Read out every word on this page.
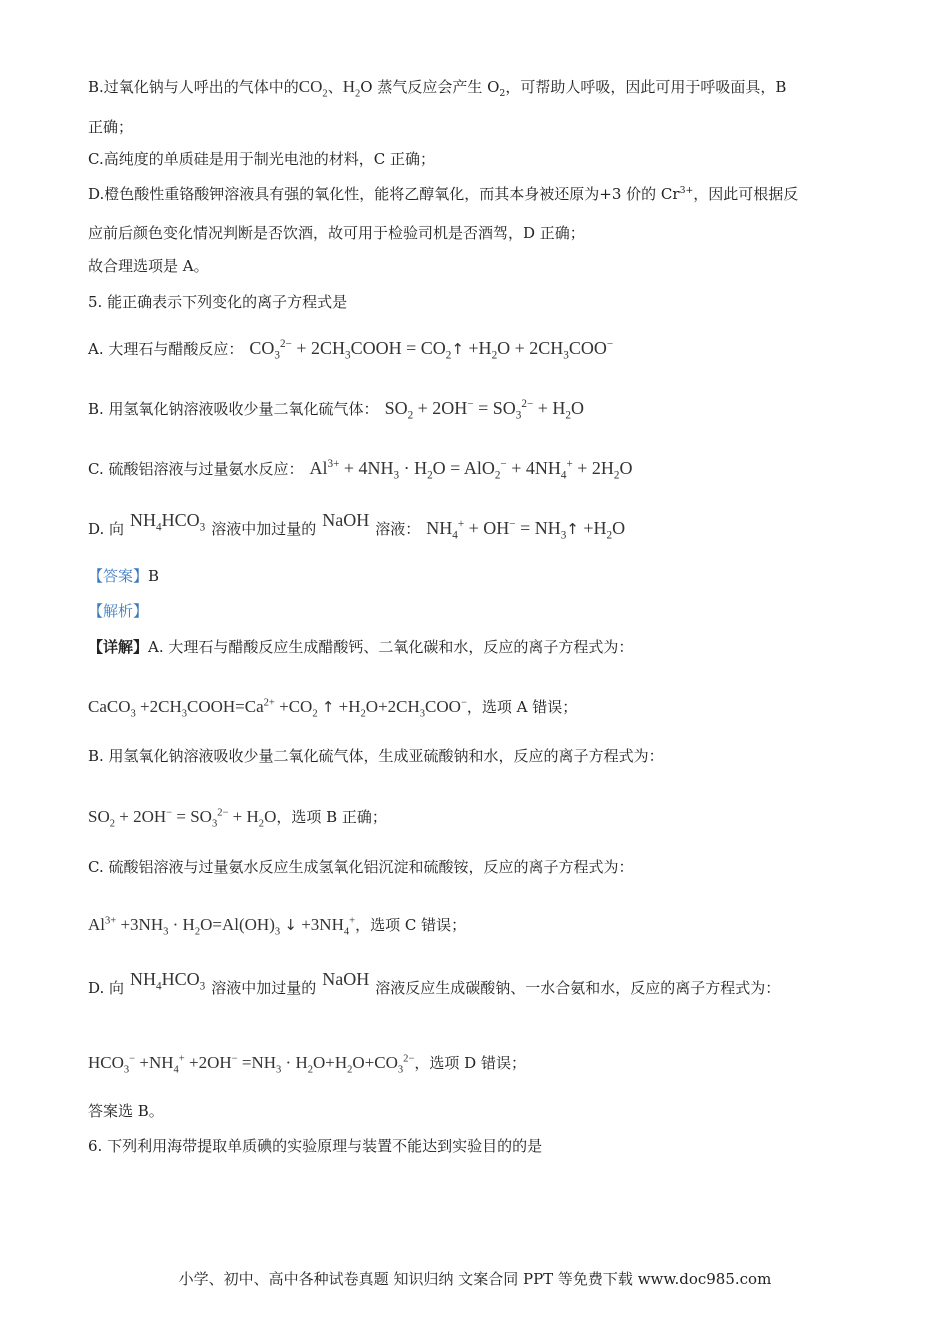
B.过氧化钠与人呼出的气体中的$CO_2$、$H_2O$ 蒸气反应会产生 $O_2$，可帮助人呼吸，因此可用于呼吸面具，B
正确；
C.高纯度的单质硅是用于制光电池的材料，C 正确；
D.橙色酸性重铬酸钾溶液具有强的氧化性，能将乙醇氧化，而其本身被还原为+3 价的 $Cr^{3+}$，因此可根据反
应前后颜色变化情况判断是否饮酒，故可用于检验司机是否酒驾，D 正确；
故合理选项是 A。
5. 能正确表示下列变化的离子方程式是
A. 大理石与醋酸反应： $CO_3^{2-}$ + $2CH_3COOH$ = $CO_2↑ +H_2O + 2CH_3COO^-$
B. 用氢氧化钠溶液吸收少量二氧化硫气体： $SO_2 + 2OH^- = SO_3^{2-} + H_2O$
C. 硫酸铝溶液与过量氨水反应： $Al^{3+} + 4NH_3 \cdot H_2O = AlO_2^- + 4NH_4^+ + 2H_2O$
D. 向 $NH_4HCO_3$ 溶液中加过量的 NaOH 溶液： $NH_4^+ + OH^-$ = $NH_3↑ +H_2O$
【答案】B
【解析】
【详解】A. 大理石与醋酸反应生成醋酸钙、二氧化碳和水，反应的离子方程式为：
CaCO$_3$ $+2CH_3COOH=Ca^{2+} +CO_2$ ↑ $+H_2O+2CH_3COO^-$，选项 A 错误；
B. 用氢氧化钠溶液吸收少量二氧化硫气体，生成亚硫酸钠和水，反应的离子方程式为：
$SO_2 + 2OH^- = SO_3^{2-} + H_2O$，选项 B 正确；
C. 硫酸铝溶液与过量氨水反应生成氢氧化铝沉淀和硫酸铵，反应的离子方程式为：
$Al^{3+} +3NH_3 \cdot H_2O=Al(OH)_3$ ↓ $+3NH_4^+$，选项 C 错误；
D. 向 $NH_4HCO_3$ 溶液中加过量的 NaOH 溶液反应生成碳酸钠、一水合氨和水，反应的离子方程式为：
$HCO_3^- +NH_4^+ +2OH^- =NH_3 \cdot H_2O+H_2O+CO_3^{2-}$，选项 D 错误；
答案选 B。
6. 下列利用海带提取单质碘的实验原理与装置不能达到实验目的的是
小学、初中、高中各种试卷真题 知识归纳 文案合同 PPT 等免费下载 www.doc985.com
